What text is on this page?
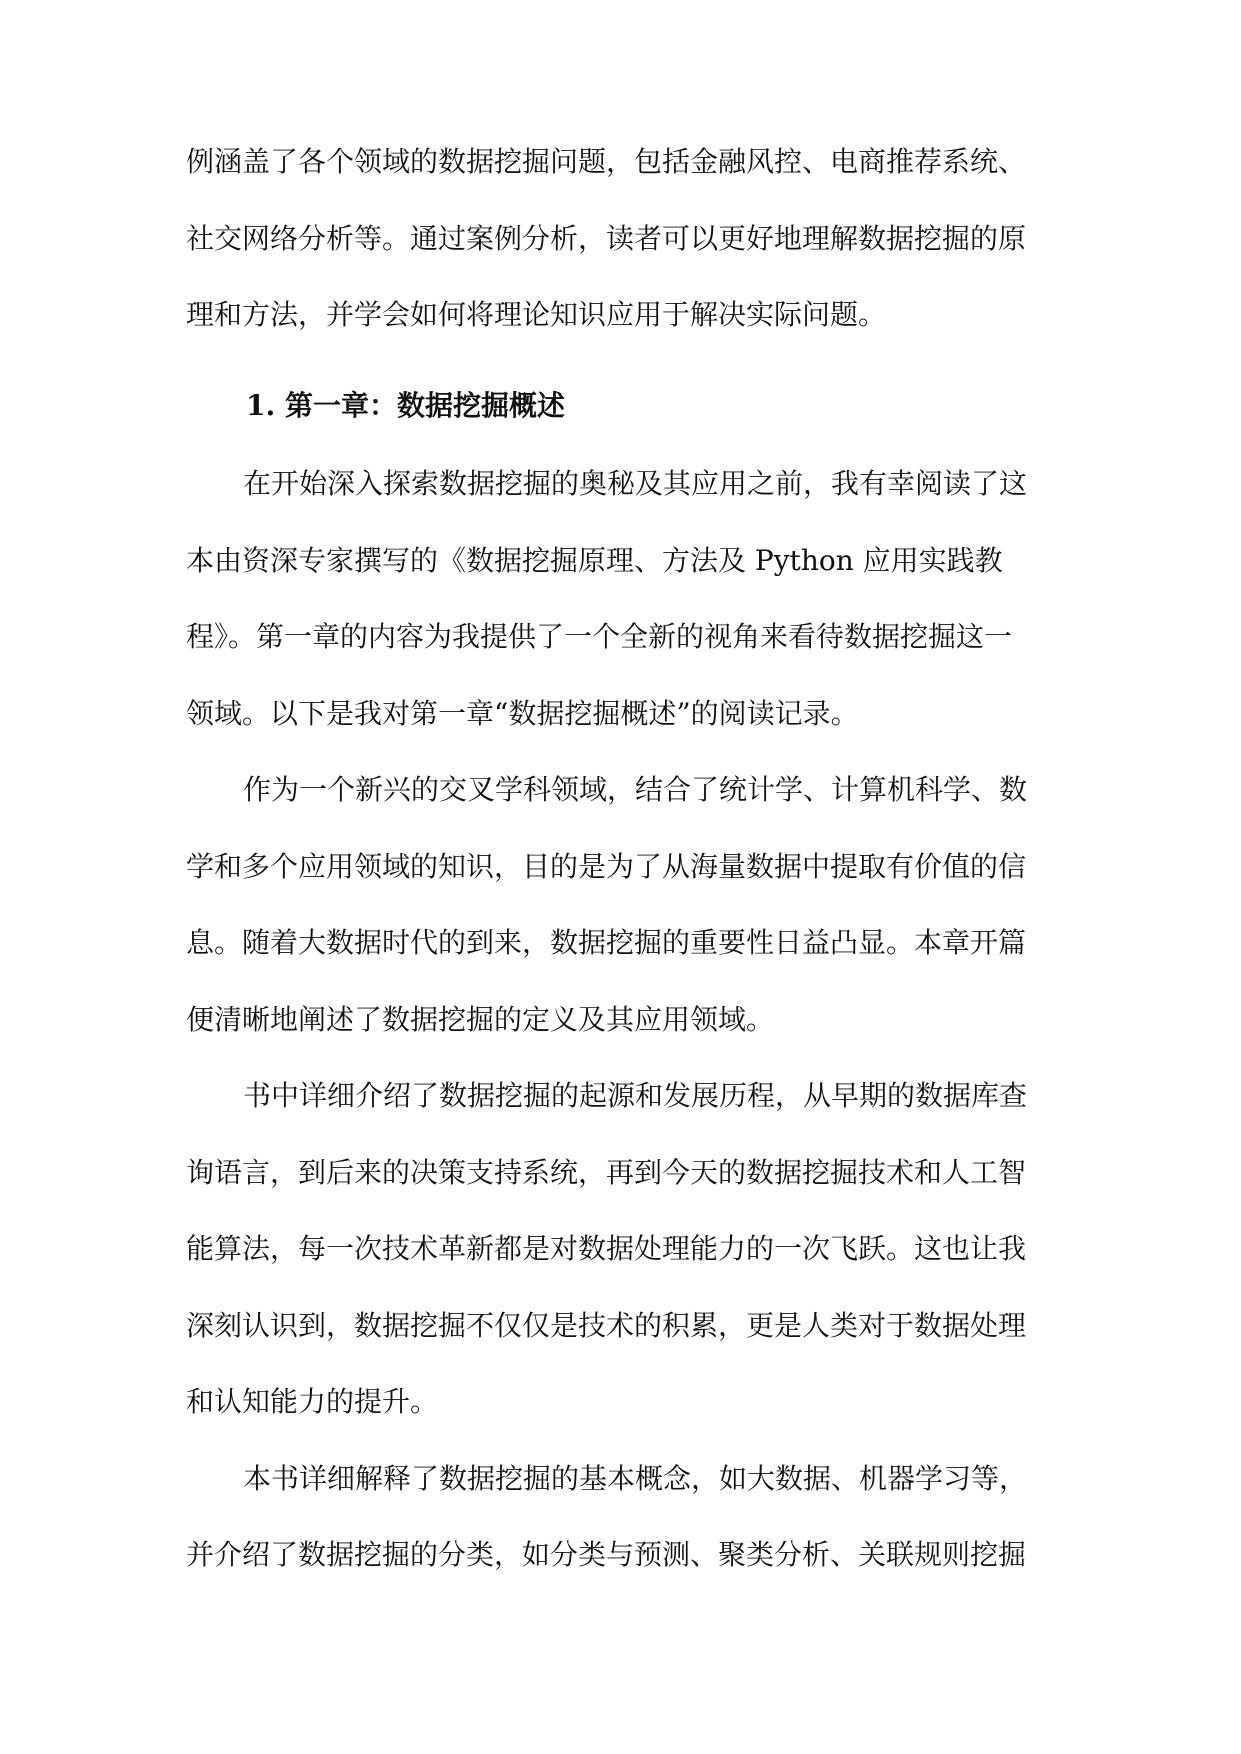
例涵盖了各个领域的数据挖掘问题，包括金融风控、电商推荐系统、
社交网络分析等。通过案例分析，读者可以更好地理解数据挖掘的原
理和方法，并学会如何将理论知识应用于解决实际问题。
1. 第一章：数据挖掘概述
在开始深入探索数据挖掘的奥秘及其应用之前，我有幸阅读了这
本由资深专家撰写的《数据挖掘原理、方法及 Python 应用实践教
程》。第一章的内容为我提供了一个全新的视角来看待数据挖掘这一
领域。以下是我对第一章“数据挖掘概述”的阅读记录。
作为一个新兴的交叉学科领域，结合了统计学、计算机科学、数
学和多个应用领域的知识，目的是为了从海量数据中提取有价值的信
息。随着大数据时代的到来，数据挖掘的重要性日益凸显。本章开篇
便清晰地阐述了数据挖掘的定义及其应用领域。
书中详细介绍了数据挖掘的起源和发展历程，从早期的数据库查
询语言，到后来的决策支持系统，再到今天的数据挖掘技术和人工智
能算法，每一次技术革新都是对数据处理能力的一次飞跃。这也让我
深刻认识到，数据挖掘不仅仅是技术的积累，更是人类对于数据处理
和认知能力的提升。
本书详细解释了数据挖掘的基本概念，如大数据、机器学习等，
并介绍了数据挖掘的分类，如分类与预测、聚类分析、关联规则挖掘
